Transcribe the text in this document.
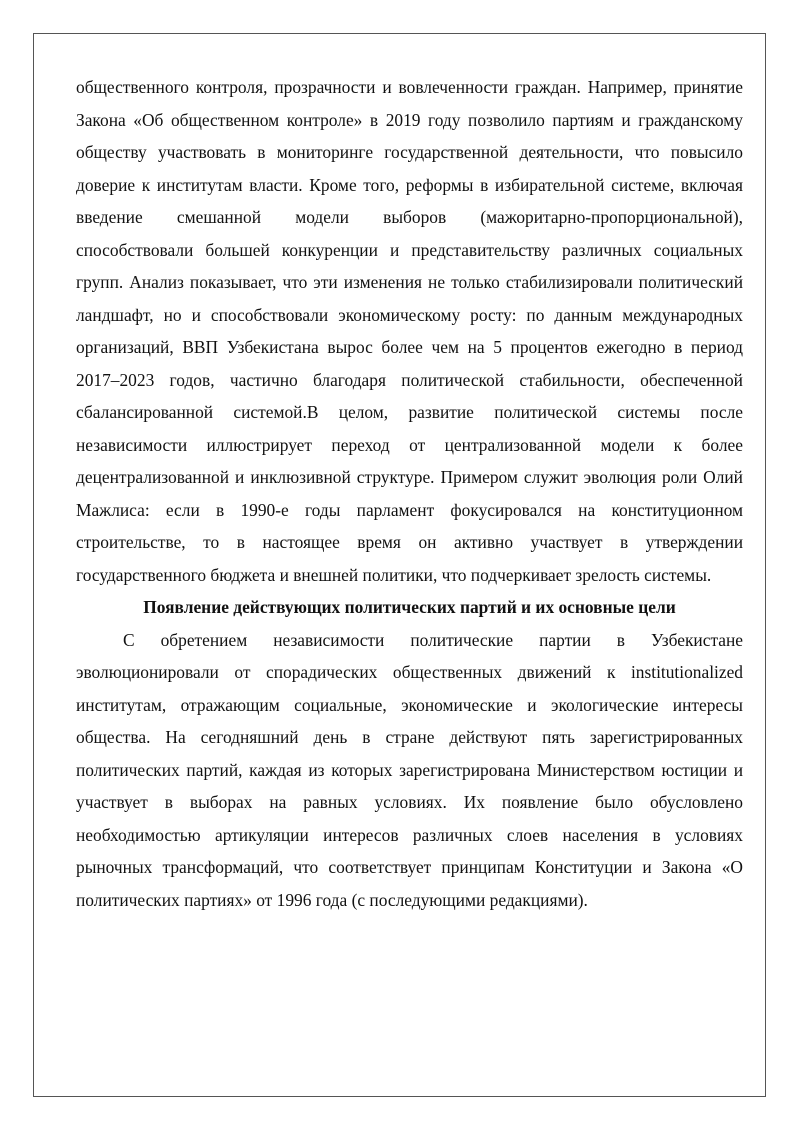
общественного контроля, прозрачности и вовлеченности граждан. Например, принятие Закона «Об общественном контроле» в 2019 году позволило партиям и гражданскому обществу участвовать в мониторинге государственной деятельности, что повысило доверие к институтам власти. Кроме того, реформы в избирательной системе, включая введение смешанной модели выборов (мажоритарно-пропорциональной), способствовали большей конкуренции и представительству различных социальных групп. Анализ показывает, что эти изменения не только стабилизировали политический ландшафт, но и способствовали экономическому росту: по данным международных организаций, ВВП Узбекистана вырос более чем на 5 процентов ежегодно в период 2017–2023 годов, частично благодаря политической стабильности, обеспеченной сбалансированной системой.В целом, развитие политической системы после независимости иллюстрирует переход от централизованной модели к более децентрализованной и инклюзивной структуре. Примером служит эволюция роли Олий Мажлиса: если в 1990-е годы парламент фокусировался на конституционном строительстве, то в настоящее время он активно участвует в утверждении государственного бюджета и внешней политики, что подчеркивает зрелость системы.

Появление действующих политических партий и их основные цели

С обретением независимости политические партии в Узбекистане эволюционировали от спорадических общественных движений к institutionalized институтам, отражающим социальные, экономические и экологические интересы общества. На сегодняшний день в стране действуют пять зарегистрированных политических партий, каждая из которых зарегистрирована Министерством юстиции и участвует в выборах на равных условиях. Их появление было обусловлено необходимостью артикуляции интересов различных слоев населения в условиях рыночных трансформаций, что соответствует принципам Конституции и Закона «О политических партиях» от 1996 года (с последующими редакциями).
